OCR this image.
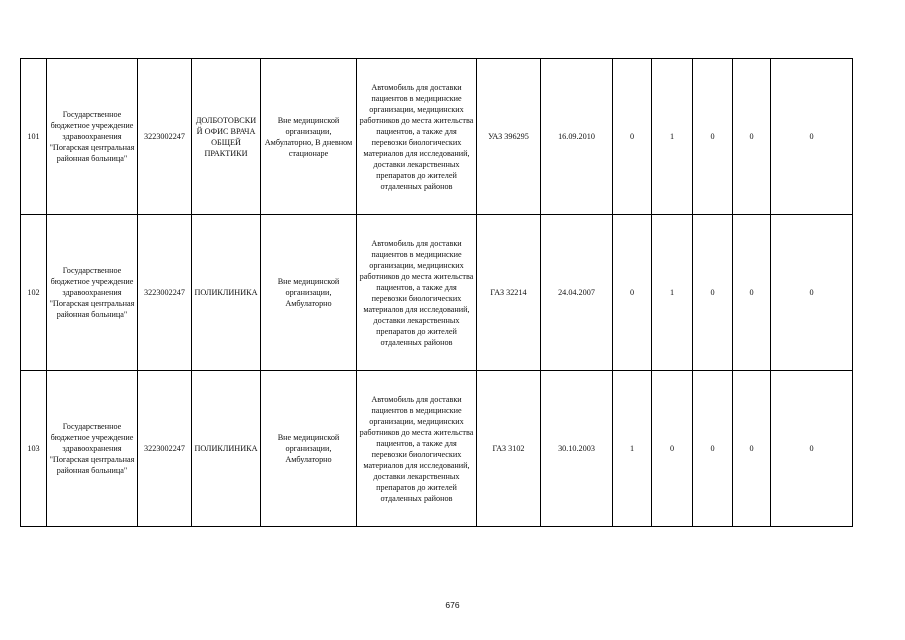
101	Государственное бюджетное учреждение здравоохранения "Погарская центральная районная больница"	3223002247	ДОЛБОТОВСКИЙ ОФИС ВРАЧА ОБЩЕЙ ПРАКТИКИ	Вне медицинской организации, Амбулаторно, В дневном стационаре	Автомобиль для доставки пациентов в медицинские организации, медицинских работников до места жительства пациентов, а также для перевозки биологических материалов для исследований, доставки лекарственных препаратов до жителей отдаленных районов	УАЗ 396295	16.09.2010	0	1	0	0	0
102	Государственное бюджетное учреждение здравоохранения "Погарская центральная районная больница"	3223002247	ПОЛИКЛИНИКА	Вне медицинской организации, Амбулаторно	Автомобиль для доставки пациентов в медицинские организации, медицинских работников до места жительства пациентов, а также для перевозки биологических материалов для исследований, доставки лекарственных препаратов до жителей отдаленных районов	ГАЗ 32214	24.04.2007	0	1	0	0	0
103	Государственное бюджетное учреждение здравоохранения "Погарская центральная районная больница"	3223002247	ПОЛИКЛИНИКА	Вне медицинской организации, Амбулаторно	Автомобиль для доставки пациентов в медицинские организации, медицинских работников до места жительства пациентов, а также для перевозки биологических материалов для исследований, доставки лекарственных препаратов до жителей отдаленных районов	ГАЗ 3102	30.10.2003	1	0	0	0	0
676
